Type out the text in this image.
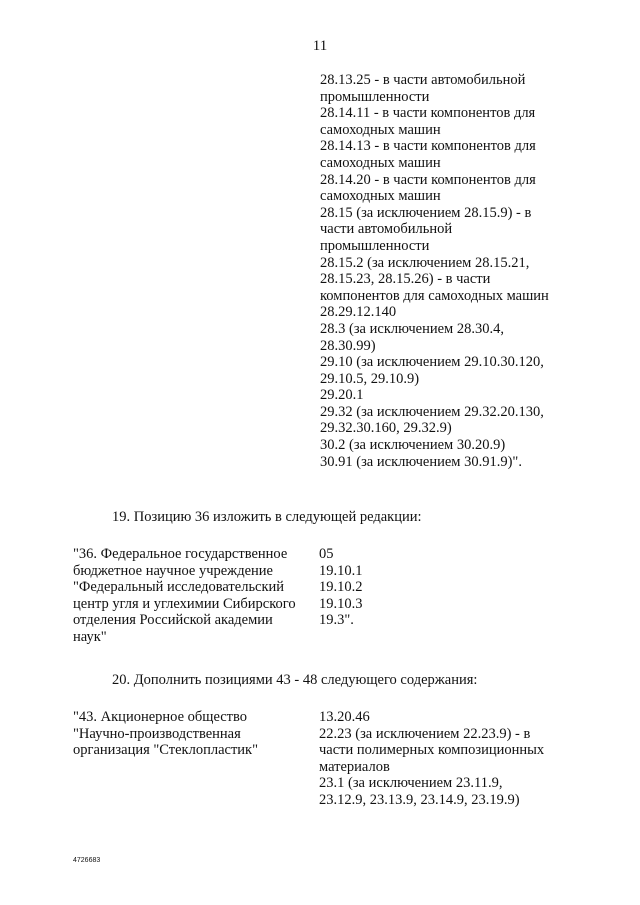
11
28.13.25 - в части автомобильной
промышленности
28.14.11 - в части компонентов для
самоходных машин
28.14.13 - в части компонентов для
самоходных машин
28.14.20 - в части компонентов для
самоходных машин
28.15 (за исключением 28.15.9) - в
части автомобильной
промышленности
28.15.2 (за исключением 28.15.21,
28.15.23, 28.15.26) - в части
компонентов для самоходных машин
28.29.12.140
28.3 (за исключением 28.30.4,
28.30.99)
29.10 (за исключением 29.10.30.120,
29.10.5, 29.10.9)
29.20.1
29.32 (за исключением 29.32.20.130,
29.32.30.160, 29.32.9)
30.2 (за исключением 30.20.9)
30.91 (за исключением 30.91.9)".
19. Позицию 36 изложить в следующей редакции:
"36. Федеральное государственное
бюджетное научное учреждение
"Федеральный исследовательский
центр угля и углехимии Сибирского
отделения Российской академии
наук"
05
19.10.1
19.10.2
19.10.3
19.3".
20. Дополнить позициями 43 - 48 следующего содержания:
"43. Акционерное общество
"Научно-производственная
организация "Стеклопластик"
13.20.46
22.23 (за исключением 22.23.9) - в
части полимерных композиционных
материалов
23.1 (за исключением 23.11.9,
23.12.9, 23.13.9, 23.14.9, 23.19.9)
4726683
